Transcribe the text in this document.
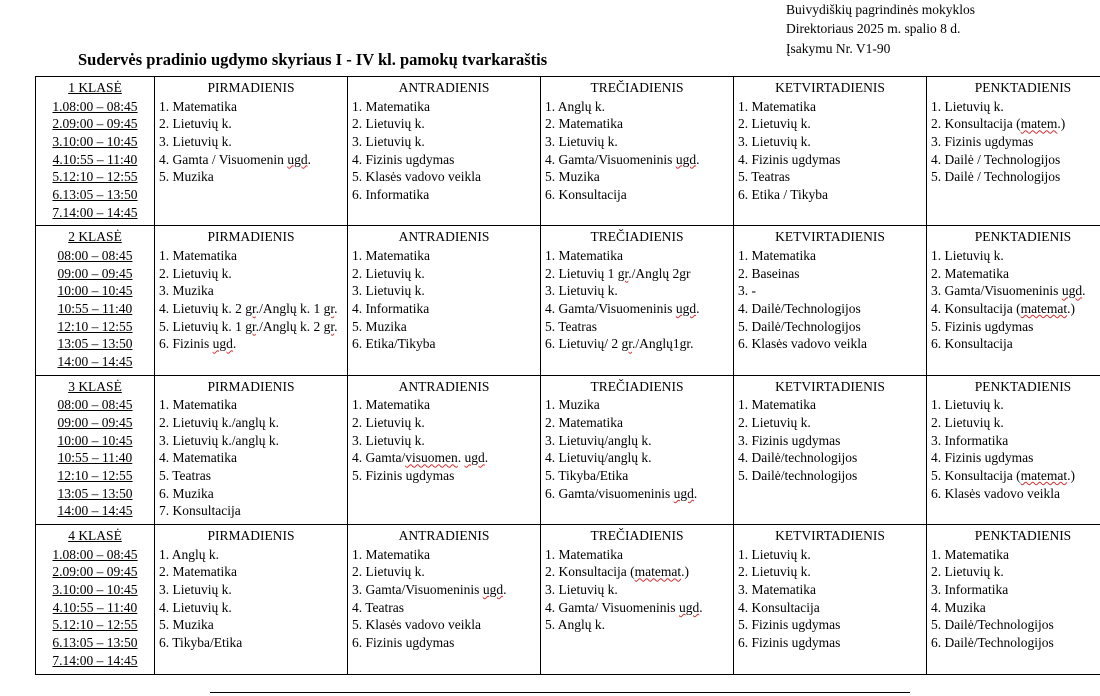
Buivydiškių pagrindinės mokyklos
Direktoriaus 2025 m. spalio 8 d.
Įsakymu Nr. V1-90
Sudervės pradinio ugdymo skyriaus I - IV kl. pamokų tvarkaraštis
1 KLASĖ
1.08:00 – 08:45
2.09:00 – 09:45
3.10:00 – 10:45
4.10:55 – 11:40
5.12:10 – 12:55
6.13:05 – 13:50
7.14:00 – 14:45

PIRMADIENIS
1. Matematika
2. Lietuvių k.
3. Lietuvių k.
4. Gamta / Visuomenin ugd.
5. Muzika

ANTRADIENIS
1. Matematika
2. Lietuvių k.
3. Lietuvių k.
4. Fizinis ugdymas
5. Klasės vadovo veikla
6. Informatika

TREČIADIENIS
1. Anglų k.
2. Matematika
3. Lietuvių k.
4. Gamta/Visuomeninis ugd.
5. Muzika
6. Konsultacija

KETVIRTADIENIS
1. Matematika
2. Lietuvių k.
3. Lietuvių k.
4. Fizinis ugdymas
5. Teatras
6. Etika / Tikyba

PENKTADIENIS
1. Lietuvių k.
2. Konsultacija (matem.)
3. Fizinis ugdymas
4. Dailė / Technologijos
5. Dailė / Technologijos

2 KLASĖ
08:00 – 08:45
09:00 – 09:45
10:00 – 10:45
10:55 – 11:40
12:10 – 12:55
13:05 – 13:50
14:00 – 14:45

PIRMADIENIS
1. Matematika
2. Lietuvių k.
3. Muzika
4. Lietuvių k. 2 gr./Anglų k. 1 gr.
5. Lietuvių k. 1 gr./Anglų k. 2 gr.
6. Fizinis ugd.

ANTRADIENIS
1. Matematika
2. Lietuvių k.
3. Lietuvių k.
4. Informatika
5. Muzika
6. Etika/Tikyba

TREČIADIENIS
1. Matematika
2. Lietuvių 1 gr./Anglų 2gr
3. Lietuvių k.
4. Gamta/Visuomeninis ugd.
5. Teatras
6. Lietuvių/ 2 gr./Anglų1gr.

KETVIRTADIENIS
1. Matematika
2. Baseinas
3. -
4. Dailė/Technologijos
5. Dailė/Technologijos
6. Klasės vadovo veikla

PENKTADIENIS
1. Lietuvių k.
2. Matematika
3. Gamta/Visuomeninis ugd.
4. Konsultacija (matemat.)
5. Fizinis ugdymas
6. Konsultacija

3 KLASĖ
08:00 – 08:45
09:00 – 09:45
10:00 – 10:45
10:55 – 11:40
12:10 – 12:55
13:05 – 13:50
14:00 – 14:45

PIRMADIENIS
1. Matematika
2. Lietuvių k./anglų k.
3. Lietuvių k./anglų k.
4. Matematika
5. Teatras
6. Muzika
7. Konsultacija

ANTRADIENIS
1. Matematika
2. Lietuvių k.
3. Lietuvių k.
4. Gamta/visuomen. ugd.
5. Fizinis ugdymas

TREČIADIENIS
1. Muzika
2. Matematika
3. Lietuvių/anglų k.
4. Lietuvių/anglų k.
5. Tikyba/Etika
6. Gamta/visuomeninis ugd.

KETVIRTADIENIS
1. Matematika
2. Lietuvių k.
3. Fizinis ugdymas
4. Dailė/technologijos
5. Dailė/technologijos

PENKTADIENIS
1. Lietuvių k.
2. Lietuvių k.
3. Informatika
4. Fizinis ugdymas
5. Konsultacija (matemat.)
6. Klasės vadovo veikla

4 KLASĖ
1.08:00 – 08:45
2.09:00 – 09:45
3.10:00 – 10:45
4.10:55 – 11:40
5.12:10 – 12:55
6.13:05 – 13:50
7.14:00 – 14:45

PIRMADIENIS
1. Anglų k.
2. Matematika
3. Lietuvių k.
4. Lietuvių k.
5. Muzika
6. Tikyba/Etika

ANTRADIENIS
1. Matematika
2. Lietuvių k.
3. Gamta/Visuomeninis ugd.
4. Teatras
5. Klasės vadovo veikla
6. Fizinis ugdymas

TREČIADIENIS
1. Matematika
2. Konsultacija (matemat.)
3. Lietuvių k.
4. Gamta/ Visuomeninis ugd.
5. Anglų k.

KETVIRTADIENIS
1. Lietuvių k.
2. Lietuvių k.
3. Matematika
4. Konsultacija
5. Fizinis ugdymas
6. Fizinis ugdymas

PENKTADIENIS
1. Matematika
2. Lietuvių k.
3. Informatika
4. Muzika
5. Dailė/Technologijos
6. Dailė/Technologijos
